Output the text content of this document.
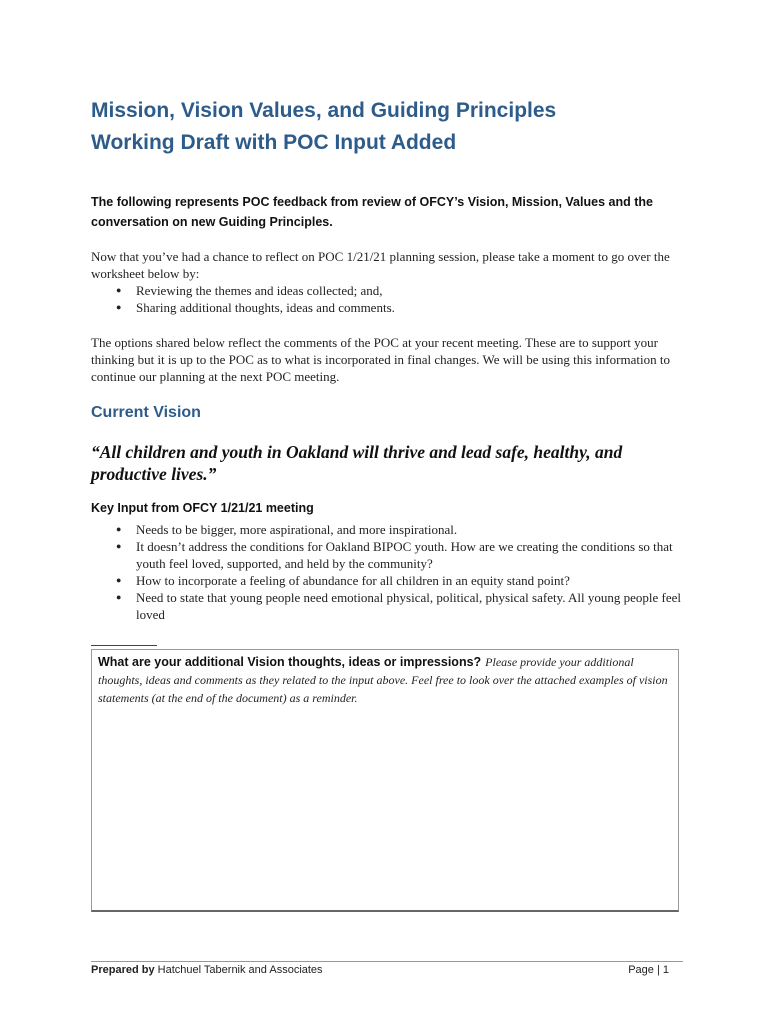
Mission, Vision Values, and Guiding Principles
Working Draft with POC Input Added

The following represents POC feedback from review of OFCY’s Vision, Mission, Values and the conversation on new Guiding Principles.

Now that you’ve had a chance to reflect on POC 1/21/21 planning session, please take a moment to go over the worksheet below by:
● Reviewing the themes and ideas collected; and,
● Sharing additional thoughts, ideas and comments.

The options shared below reflect the comments of the POC at your recent meeting. These are to support your thinking but it is up to the POC as to what is incorporated in final changes. We will be using this information to continue our planning at the next POC meeting.

Current Vision

“All children and youth in Oakland will thrive and lead safe, healthy, and productive lives.”

Key Input from OFCY 1/21/21 meeting
● Needs to be bigger, more aspirational, and more inspirational.
● It doesn’t address the conditions for Oakland BIPOC youth. How are we creating the conditions so that youth feel loved, supported, and held by the community?
● How to incorporate a feeling of abundance for all children in an equity stand point?
● Need to state that young people need emotional physical, political, physical safety. All young people feel loved
What are your additional Vision thoughts, ideas or impressions? Please provide your additional thoughts, ideas and comments as they related to the input above. Feel free to look over the attached examples of vision statements (at the end of the document) as a reminder.
Prepared by Hatchuel Tabernik and Associates	Page | 1
